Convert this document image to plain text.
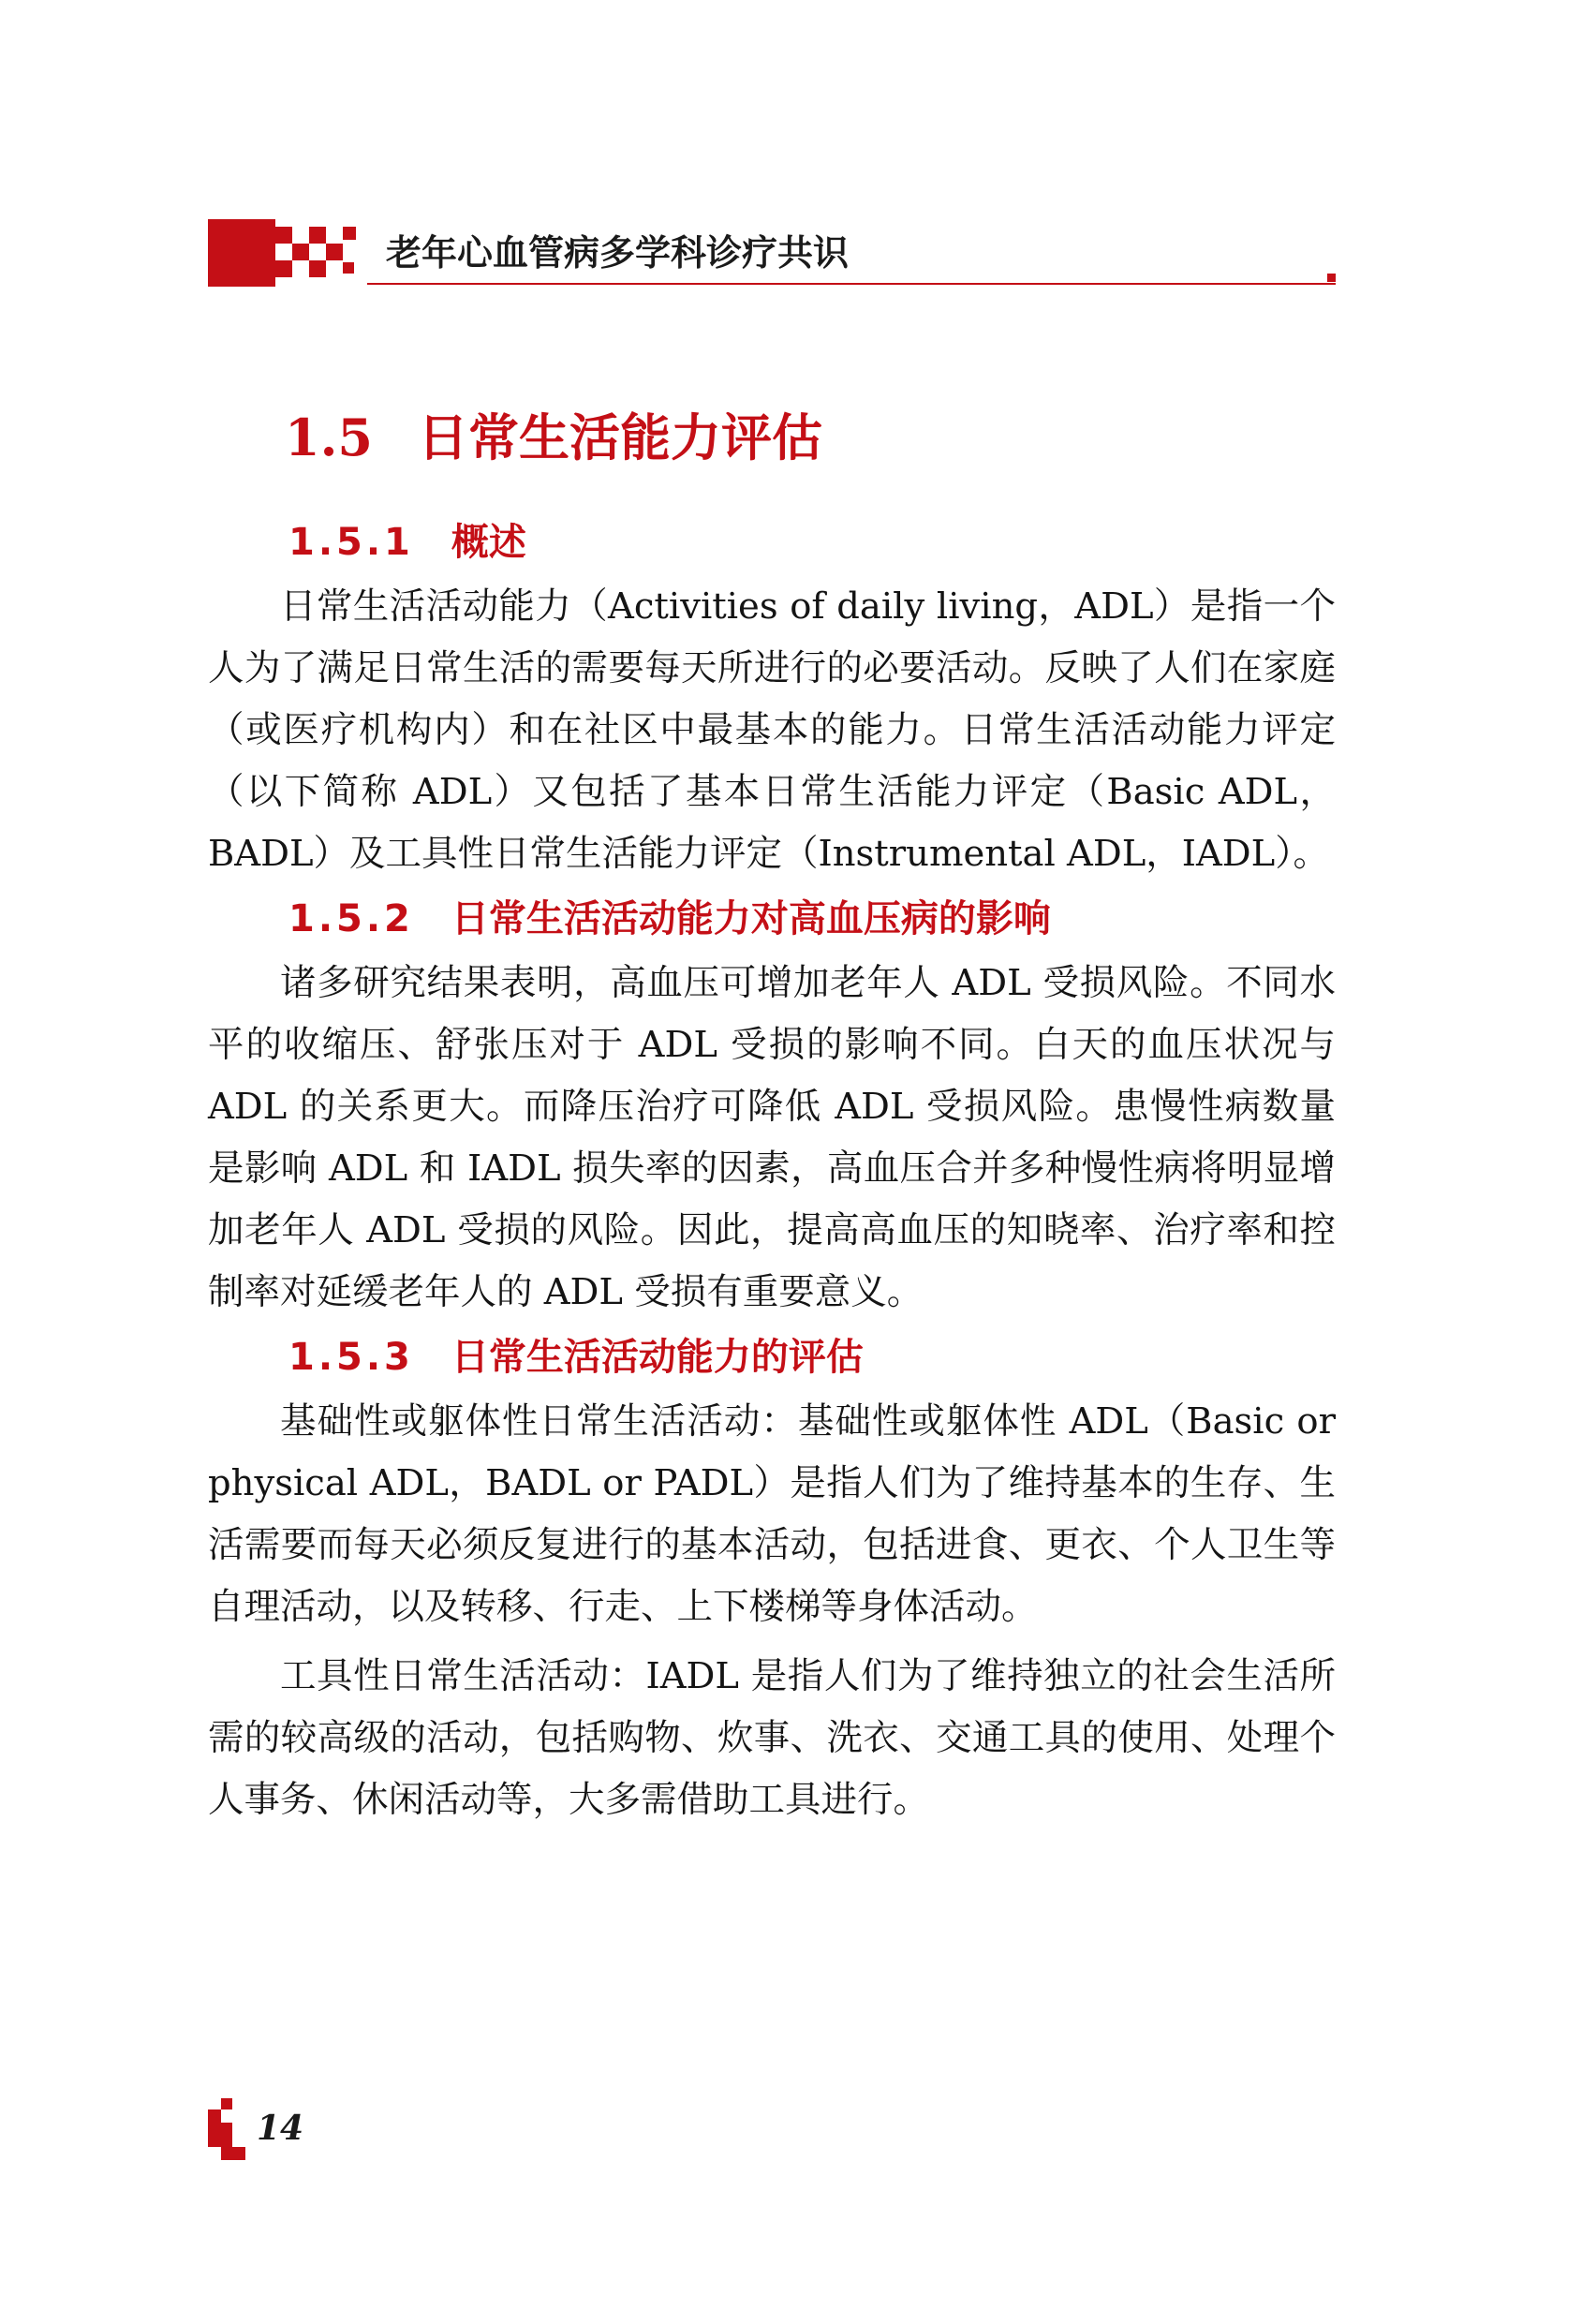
老年心血管病多学科诊疗共识
1.5 日常生活能力评估
1.5.1 概述

日常生活活动能力（Activities of daily living，ADL）是指一个人为了满足日常生活的需要每天所进行的必要活动。反映了人们在家庭（或医疗机构内）和在社区中最基本的能力。日常生活活动能力评定（以下简称 ADL）又包括了基本日常生活能力评定（Basic ADL，BADL）及工具性日常生活能力评定（Instrumental ADL，IADL）。

1.5.2 日常生活活动能力对高血压病的影响

诸多研究结果表明，高血压可增加老年人 ADL 受损风险。不同水平的收缩压、舒张压对于 ADL 受损的影响不同。白天的血压状况与 ADL 的关系更大。而降压治疗可降低 ADL 受损风险。患慢性病数量是影响 ADL 和 IADL 损失率的因素，高血压合并多种慢性病将明显增加老年人 ADL 受损的风险。因此，提高高血压的知晓率、治疗率和控制率对延缓老年人的 ADL 受损有重要意义。

1.5.3 日常生活活动能力的评估

基础性或躯体性日常生活活动：基础性或躯体性 ADL（Basic or physical ADL，BADL or PADL）是指人们为了维持基本的生存、生活需要而每天必须反复进行的基本活动，包括进食、更衣、个人卫生等自理活动，以及转移、行走、上下楼梯等身体活动。

工具性日常生活活动：IADL 是指人们为了维持独立的社会生活所需的较高级的活动，包括购物、炊事、洗衣、交通工具的使用、处理个人事务、休闲活动等，大多需借助工具进行。

14
